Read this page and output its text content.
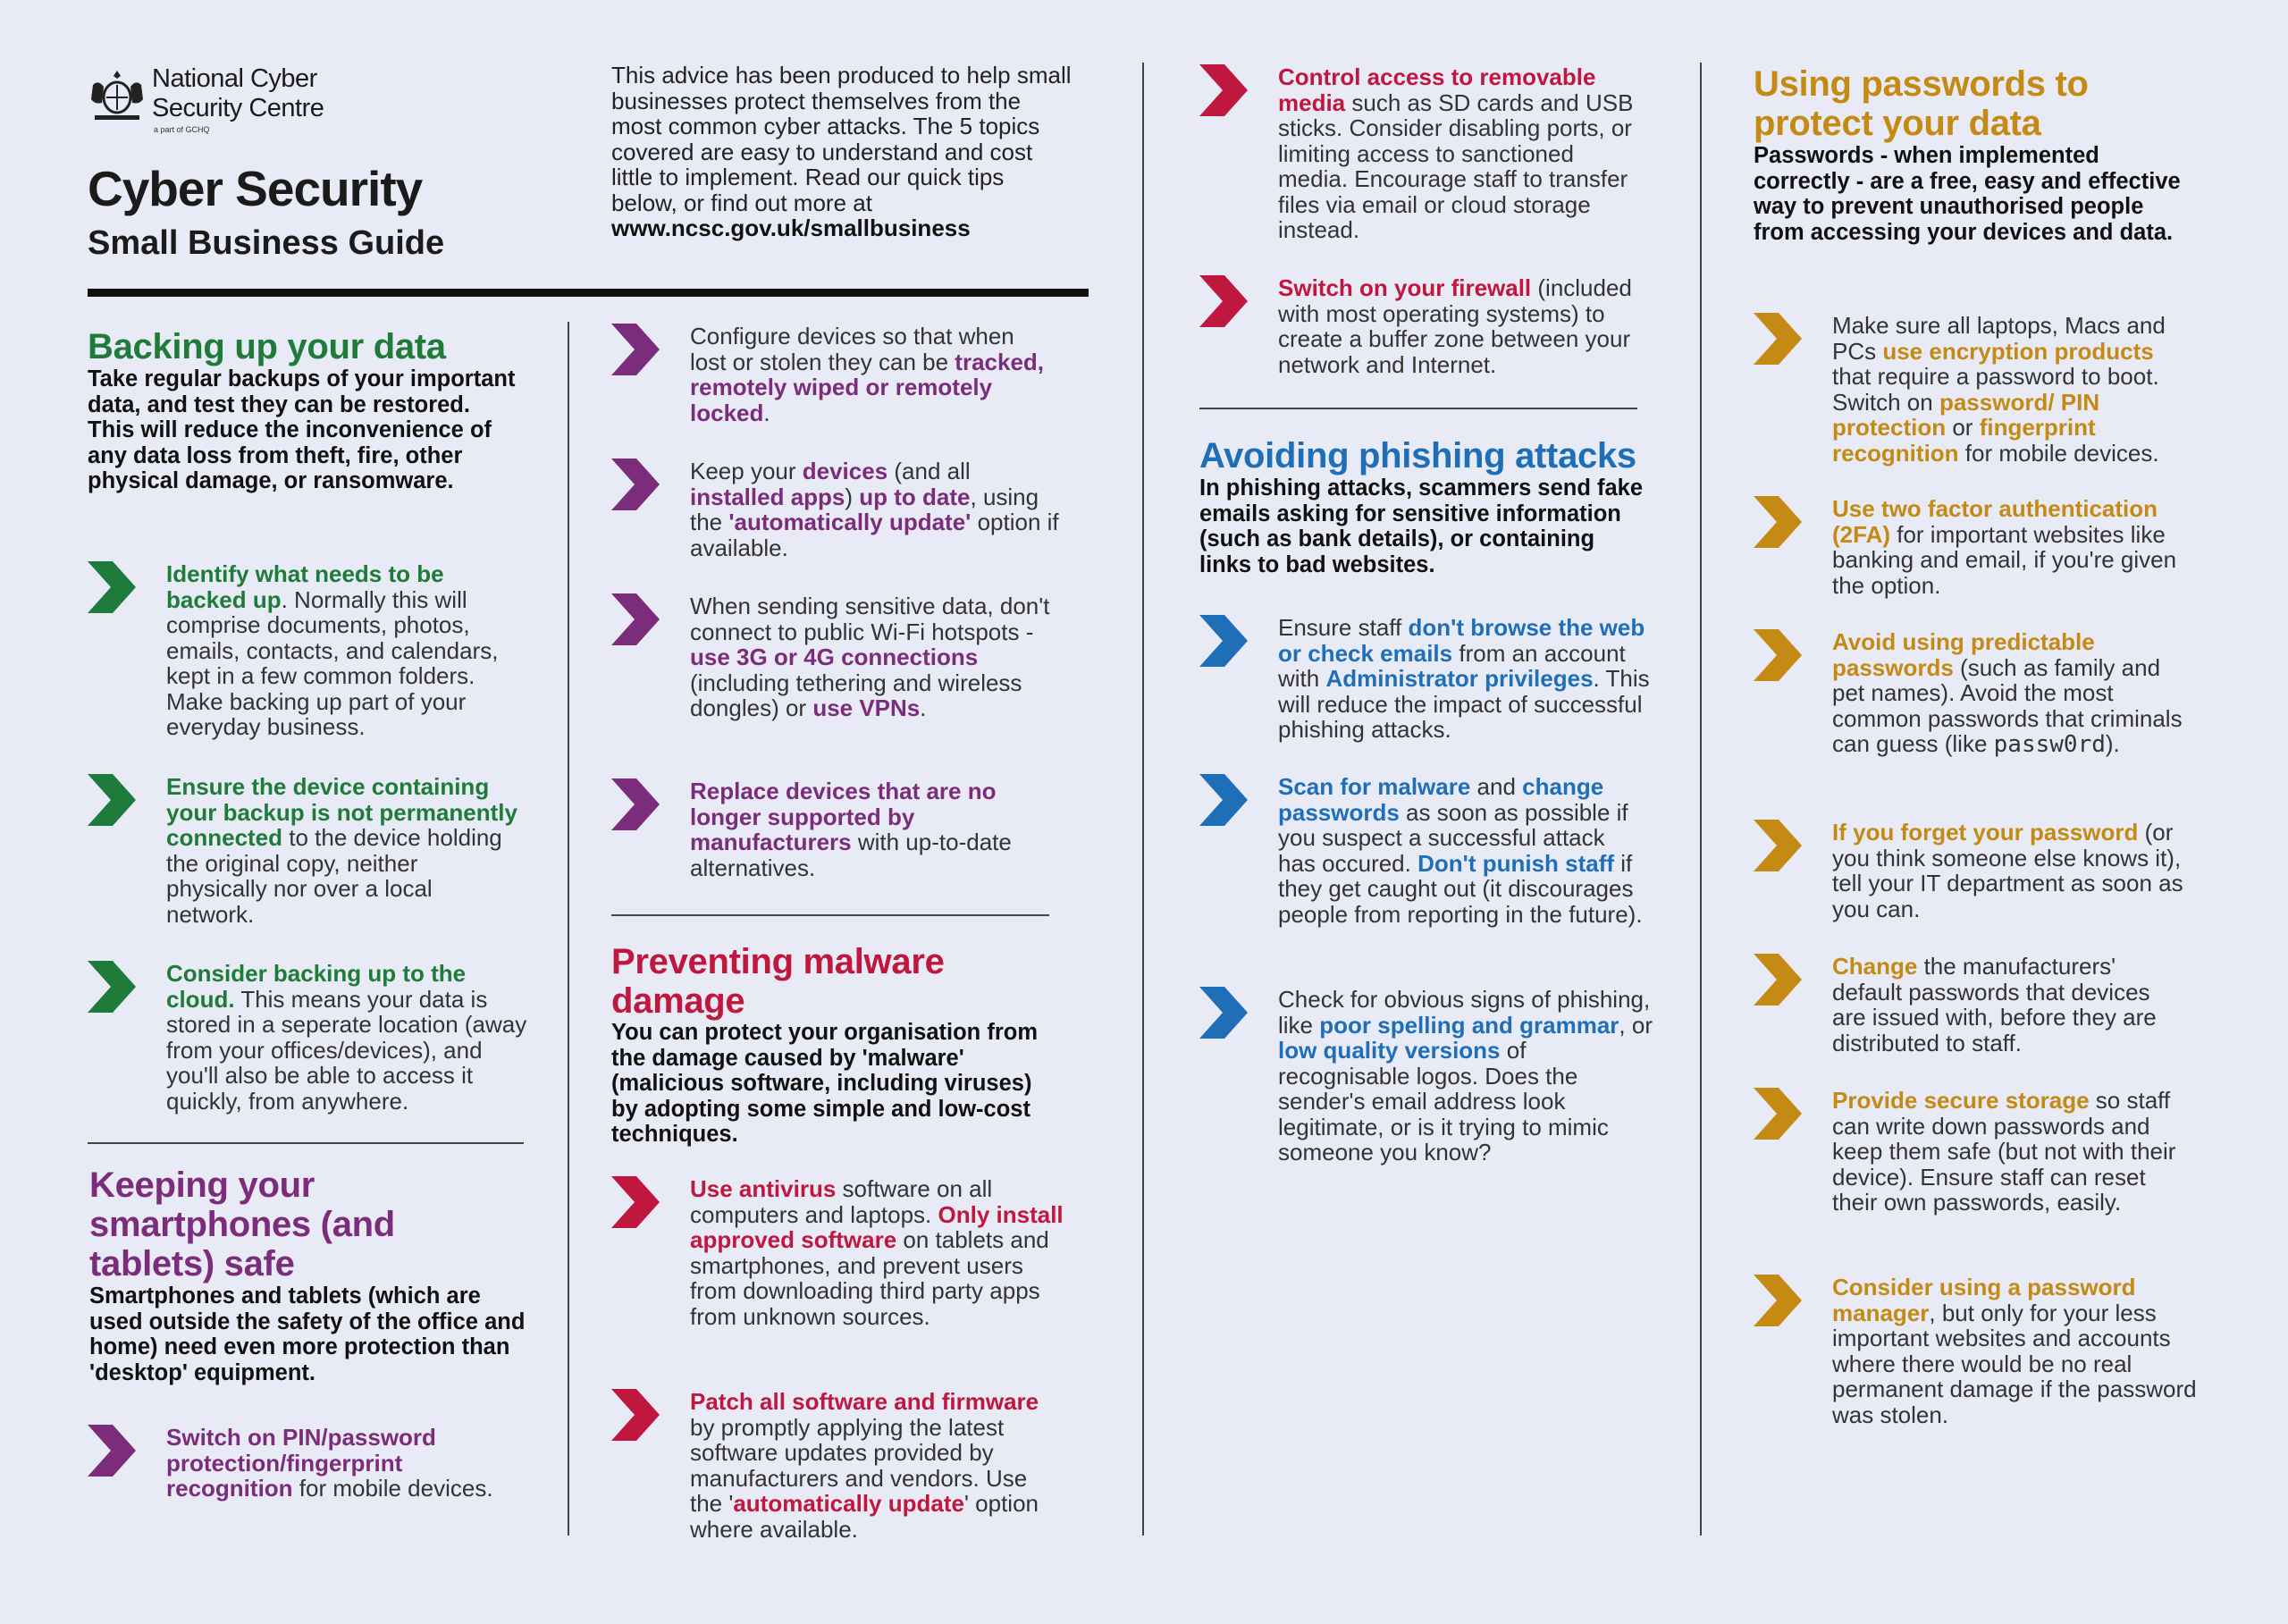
National Cyber
Security Centre
a part of GCHQ
Cyber Security
Small Business Guide
This advice has been produced to help small businesses protect themselves from the most common cyber attacks. The 5 topics covered are easy to understand and cost little to implement. Read our quick tips below, or find out more at www.ncsc.gov.uk/smallbusiness
Backing up your data
Take regular backups of your important data, and test they can be restored. This will reduce the inconvenience of any data loss from theft, fire, other physical damage, or ransomware.
Identify what needs to be backed up. Normally this will comprise documents, photos, emails, contacts, and calendars, kept in a few common folders. Make backing up part of your everyday business.
Ensure the device containing your backup is not permanently connected to the device holding the original copy, neither physically nor over a local network.
Consider backing up to the cloud. This means your data is stored in a seperate location (away from your offices/devices), and you'll also be able to access it quickly, from anywhere.
Keeping your smartphones (and tablets) safe
Smartphones and tablets (which are used outside the safety of the office and home) need even more protection than 'desktop' equipment.
Switch on PIN/password protection/fingerprint recognition for mobile devices.
Configure devices so that when lost or stolen they can be tracked, remotely wiped or remotely locked.
Keep your devices (and all installed apps) up to date, using the 'automatically update' option if available.
When sending sensitive data, don't connect to public Wi-Fi hotspots - use 3G or 4G connections (including tethering and wireless dongles) or use VPNs.
Replace devices that are no longer supported by manufacturers with up-to-date alternatives.
Preventing malware damage
You can protect your organisation from the damage caused by 'malware' (malicious software, including viruses) by adopting some simple and low-cost techniques.
Use antivirus software on all computers and laptops. Only install approved software on tablets and smartphones, and prevent users from downloading third party apps from unknown sources.
Patch all software and firmware by promptly applying the latest software updates provided by manufacturers and vendors. Use the 'automatically update' option where available.
Control access to removable media such as SD cards and USB sticks. Consider disabling ports, or limiting access to sanctioned media. Encourage staff to transfer files via email or cloud storage instead.
Switch on your firewall (included with most operating systems) to create a buffer zone between your network and Internet.
Avoiding phishing attacks
In phishing attacks, scammers send fake emails asking for sensitive information (such as bank details), or containing links to bad websites.
Ensure staff don't browse the web or check emails from an account with Administrator privileges. This will reduce the impact of successful phishing attacks.
Scan for malware and change passwords as soon as possible if you suspect a successful attack has occured. Don't punish staff if they get caught out (it discourages people from reporting in the future).
Check for obvious signs of phishing, like poor spelling and grammar, or low quality versions of recognisable logos. Does the sender's email address look legitimate, or is it trying to mimic someone you know?
Using passwords to protect your data
Passwords - when implemented correctly - are a free, easy and effective way to prevent unauthorised people from accessing your devices and data.
Make sure all laptops, Macs and PCs use encryption products that require a password to boot. Switch on password/ PIN protection or fingerprint recognition for mobile devices.
Use two factor authentication (2FA) for important websites like banking and email, if you're given the option.
Avoid using predictable passwords (such as family and pet names). Avoid the most common passwords that criminals can guess (like passw0rd).
If you forget your password (or you think someone else knows it), tell your IT department as soon as you can.
Change the manufacturers' default passwords that devices are issued with, before they are distributed to staff.
Provide secure storage so staff can write down passwords and keep them safe (but not with their device). Ensure staff can reset their own passwords, easily.
Consider using a password manager, but only for your less important websites and accounts where there would be no real permanent damage if the password was stolen.
